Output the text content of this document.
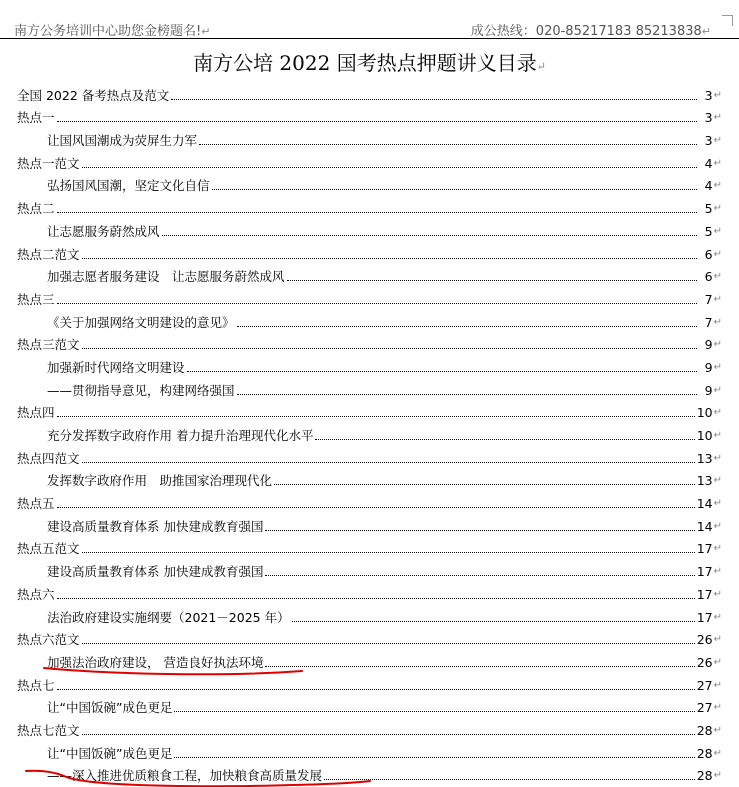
南方公务培训中心助您金榜题名!↵	成公热线：020-85217183 85213838↵
南方公培 2022 国考热点押题讲义目录↵
全国 2022 备考热点及范文	3 ↵
热点一	3 ↵
让国风国潮成为荧屏生力军	3 ↵
热点一范文	4 ↵
弘扬国风国潮，坚定文化自信	4 ↵
热点二	5 ↵
让志愿服务蔚然成风	5 ↵
热点二范文	6 ↵
加强志愿者服务建设　让志愿服务蔚然成风	6 ↵
热点三	7 ↵
《关于加强网络文明建设的意见》	7 ↵
热点三范文	9 ↵
加强新时代网络文明建设	9 ↵
——贯彻指导意见，构建网络强国	9 ↵
热点四	10 ↵
充分发挥数字政府作用 着力提升治理现代化水平	10 ↵
热点四范文	13 ↵
发挥数字政府作用　助推国家治理现代化	13 ↵
热点五	14 ↵
建设高质量教育体系 加快建成教育强国	14 ↵
热点五范文	17 ↵
建设高质量教育体系 加快建成教育强国	17 ↵
热点六	17 ↵
法治政府建设实施纲要（2021－2025 年）	17 ↵
热点六范文	26 ↵
加强法治政府建设， 营造良好执法环境	26 ↵
热点七	27 ↵
让“中国饭碗”成色更足	27 ↵
热点七范文	28 ↵
让“中国饭碗”成色更足	28 ↵
——深入推进优质粮食工程，加快粮食高质量发展	28 ↵
